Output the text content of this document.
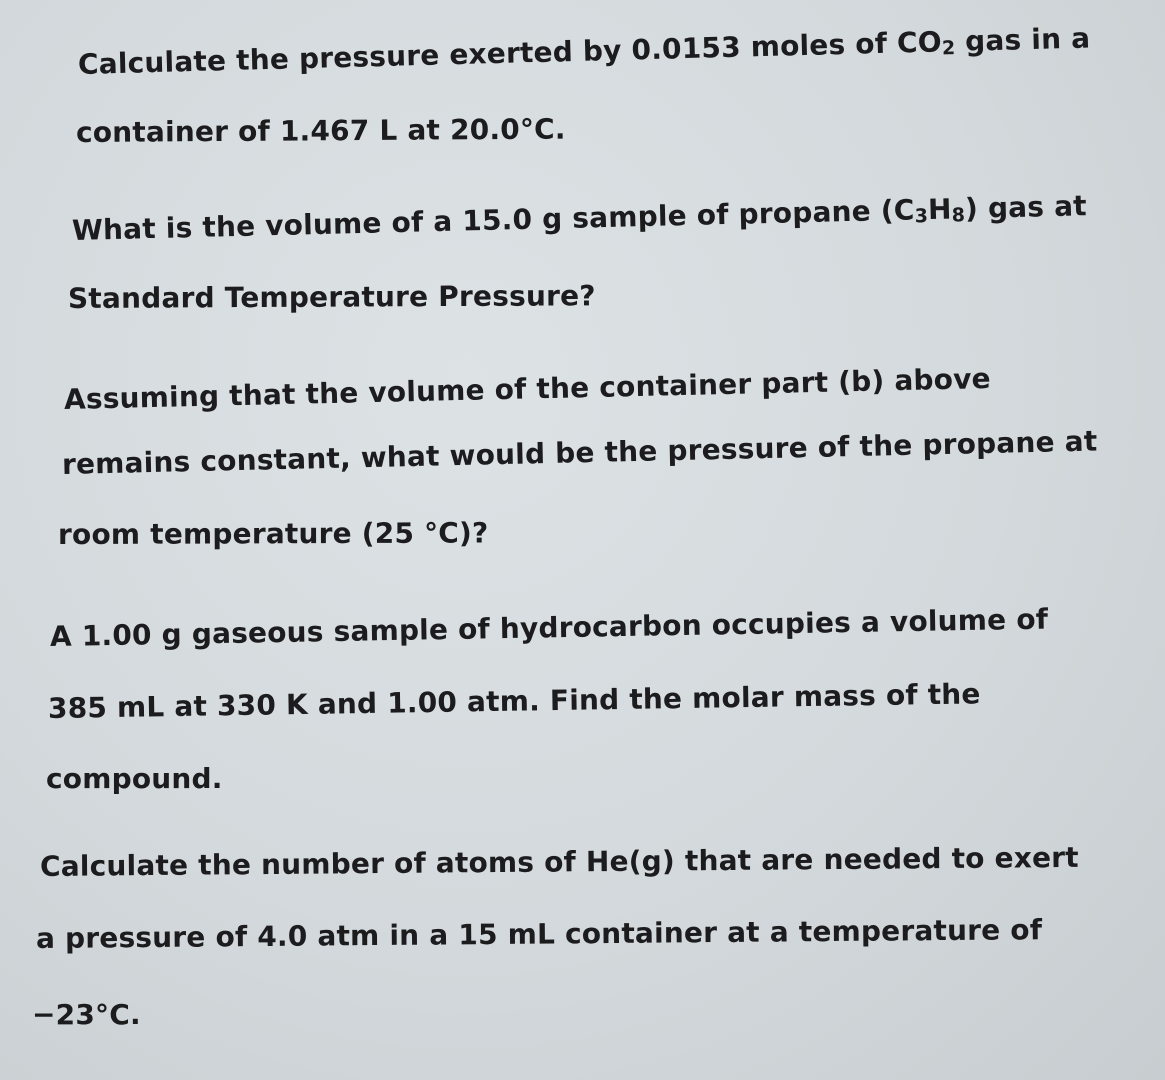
Calculate the pressure exerted by 0.0153 moles of CO2 gas in a
container of 1.467 L at 20.0°C.
What is the volume of a 15.0 g sample of propane (C3H8) gas at
Standard Temperature Pressure?
Assuming that the volume of the container part (b) above
remains constant, what would be the pressure of the propane at
room temperature (25 °C)?
A 1.00 g gaseous sample of hydrocarbon occupies a volume of
385 mL at 330 K and 1.00 atm. Find the molar mass of the
compound.
Calculate the number of atoms of He(g) that are needed to exert
a pressure of 4.0 atm in a 15 mL container at a temperature of
−23°C.
